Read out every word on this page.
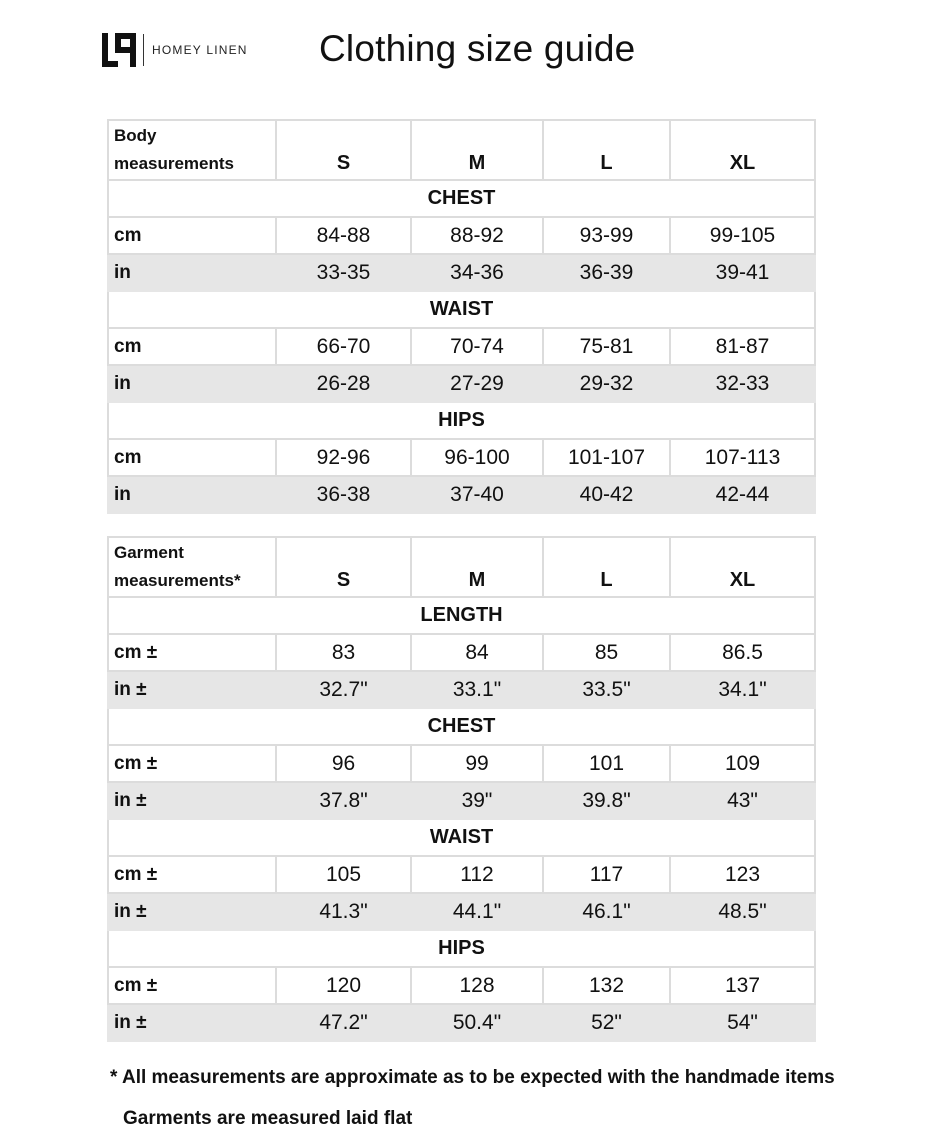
HOMEY LINEN Clothing size guide
Body
measurements	S	M	L	XL
CHEST				
cm	84-88	88-92	93-99	99-105
in	33-35	34-36	36-39	39-41
WAIST				
cm	66-70	70-74	75-81	81-87
in	26-28	27-29	29-32	32-33
HIPS				
cm	92-96	96-100	101-107	107-113
in	36-38	37-40	40-42	42-44
Garment
measurements*	S	M	L	XL
LENGTH				
cm ±	83	84	85	86.5
in ±	32.7"	33.1"	33.5"	34.1"
CHEST				
cm ±	96	99	101	109
in ±	37.8"	39"	39.8"	43"
WAIST				
cm ±	105	112	117	123
in ±	41.3"	44.1"	46.1"	48.5"
HIPS				
cm ±	120	128	132	137
in ±	47.2"	50.4"	52"	54"

* All measurements are approximate as to be expected with the handmade items

Garments are measured laid flat
